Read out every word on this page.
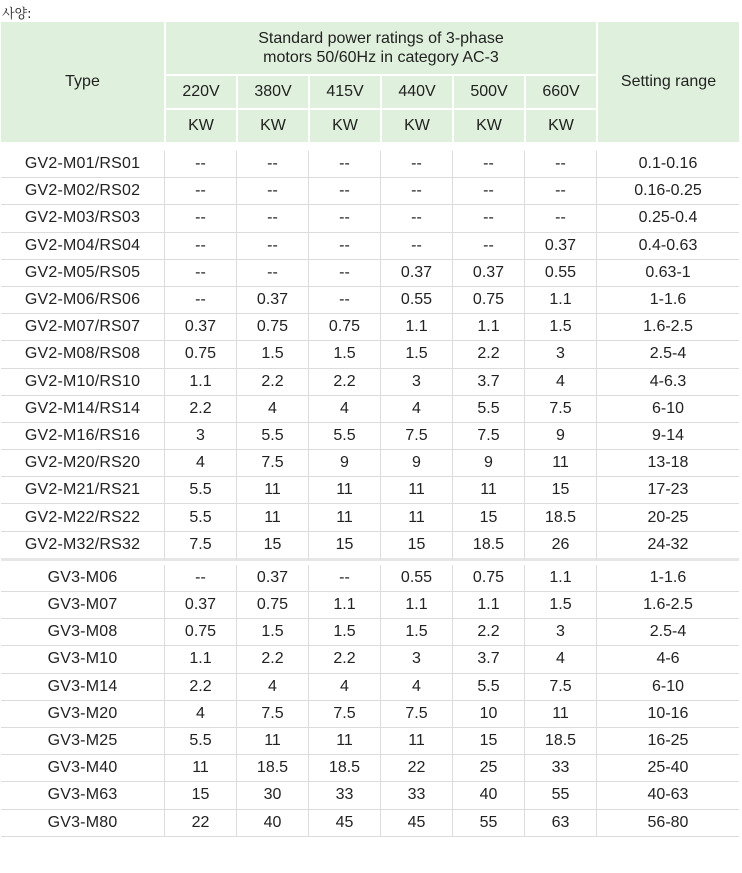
사양:
Type	Standard power ratings of 3-phase
motors 50/60Hz in category AC-3						Setting range
	220V	380V	415V	440V	500V	660V	
	KW	KW	KW	KW	KW	KW	

GV2-M01/RS01	--	--	--	--	--	--	0.1-0.16
GV2-M02/RS02	--	--	--	--	--	--	0.16-0.25
GV2-M03/RS03	--	--	--	--	--	--	0.25-0.4
GV2-M04/RS04	--	--	--	--	--	0.37	0.4-0.63
GV2-M05/RS05	--	--	--	0.37	0.37	0.55	0.63-1
GV2-M06/RS06	--	0.37	--	0.55	0.75	1.1	1-1.6
GV2-M07/RS07	0.37	0.75	0.75	1.1	1.1	1.5	1.6-2.5
GV2-M08/RS08	0.75	1.5	1.5	1.5	2.2	3	2.5-4
GV2-M10/RS10	1.1	2.2	2.2	3	3.7	4	4-6.3
GV2-M14/RS14	2.2	4	4	4	5.5	7.5	6-10
GV2-M16/RS16	3	5.5	5.5	7.5	7.5	9	9-14
GV2-M20/RS20	4	7.5	9	9	9	11	13-18
GV2-M21/RS21	5.5	11	11	11	11	15	17-23
GV2-M22/RS22	5.5	11	11	11	15	18.5	20-25
GV2-M32/RS32	7.5	15	15	15	18.5	26	24-32

GV3-M06	--	0.37	--	0.55	0.75	1.1	1-1.6
GV3-M07	0.37	0.75	1.1	1.1	1.1	1.5	1.6-2.5
GV3-M08	0.75	1.5	1.5	1.5	2.2	3	2.5-4
GV3-M10	1.1	2.2	2.2	3	3.7	4	4-6
GV3-M14	2.2	4	4	4	5.5	7.5	6-10
GV3-M20	4	7.5	7.5	7.5	10	11	10-16
GV3-M25	5.5	11	11	11	15	18.5	16-25
GV3-M40	11	18.5	18.5	22	25	33	25-40
GV3-M63	15	30	33	33	40	55	40-63
GV3-M80	22	40	45	45	55	63	56-80
